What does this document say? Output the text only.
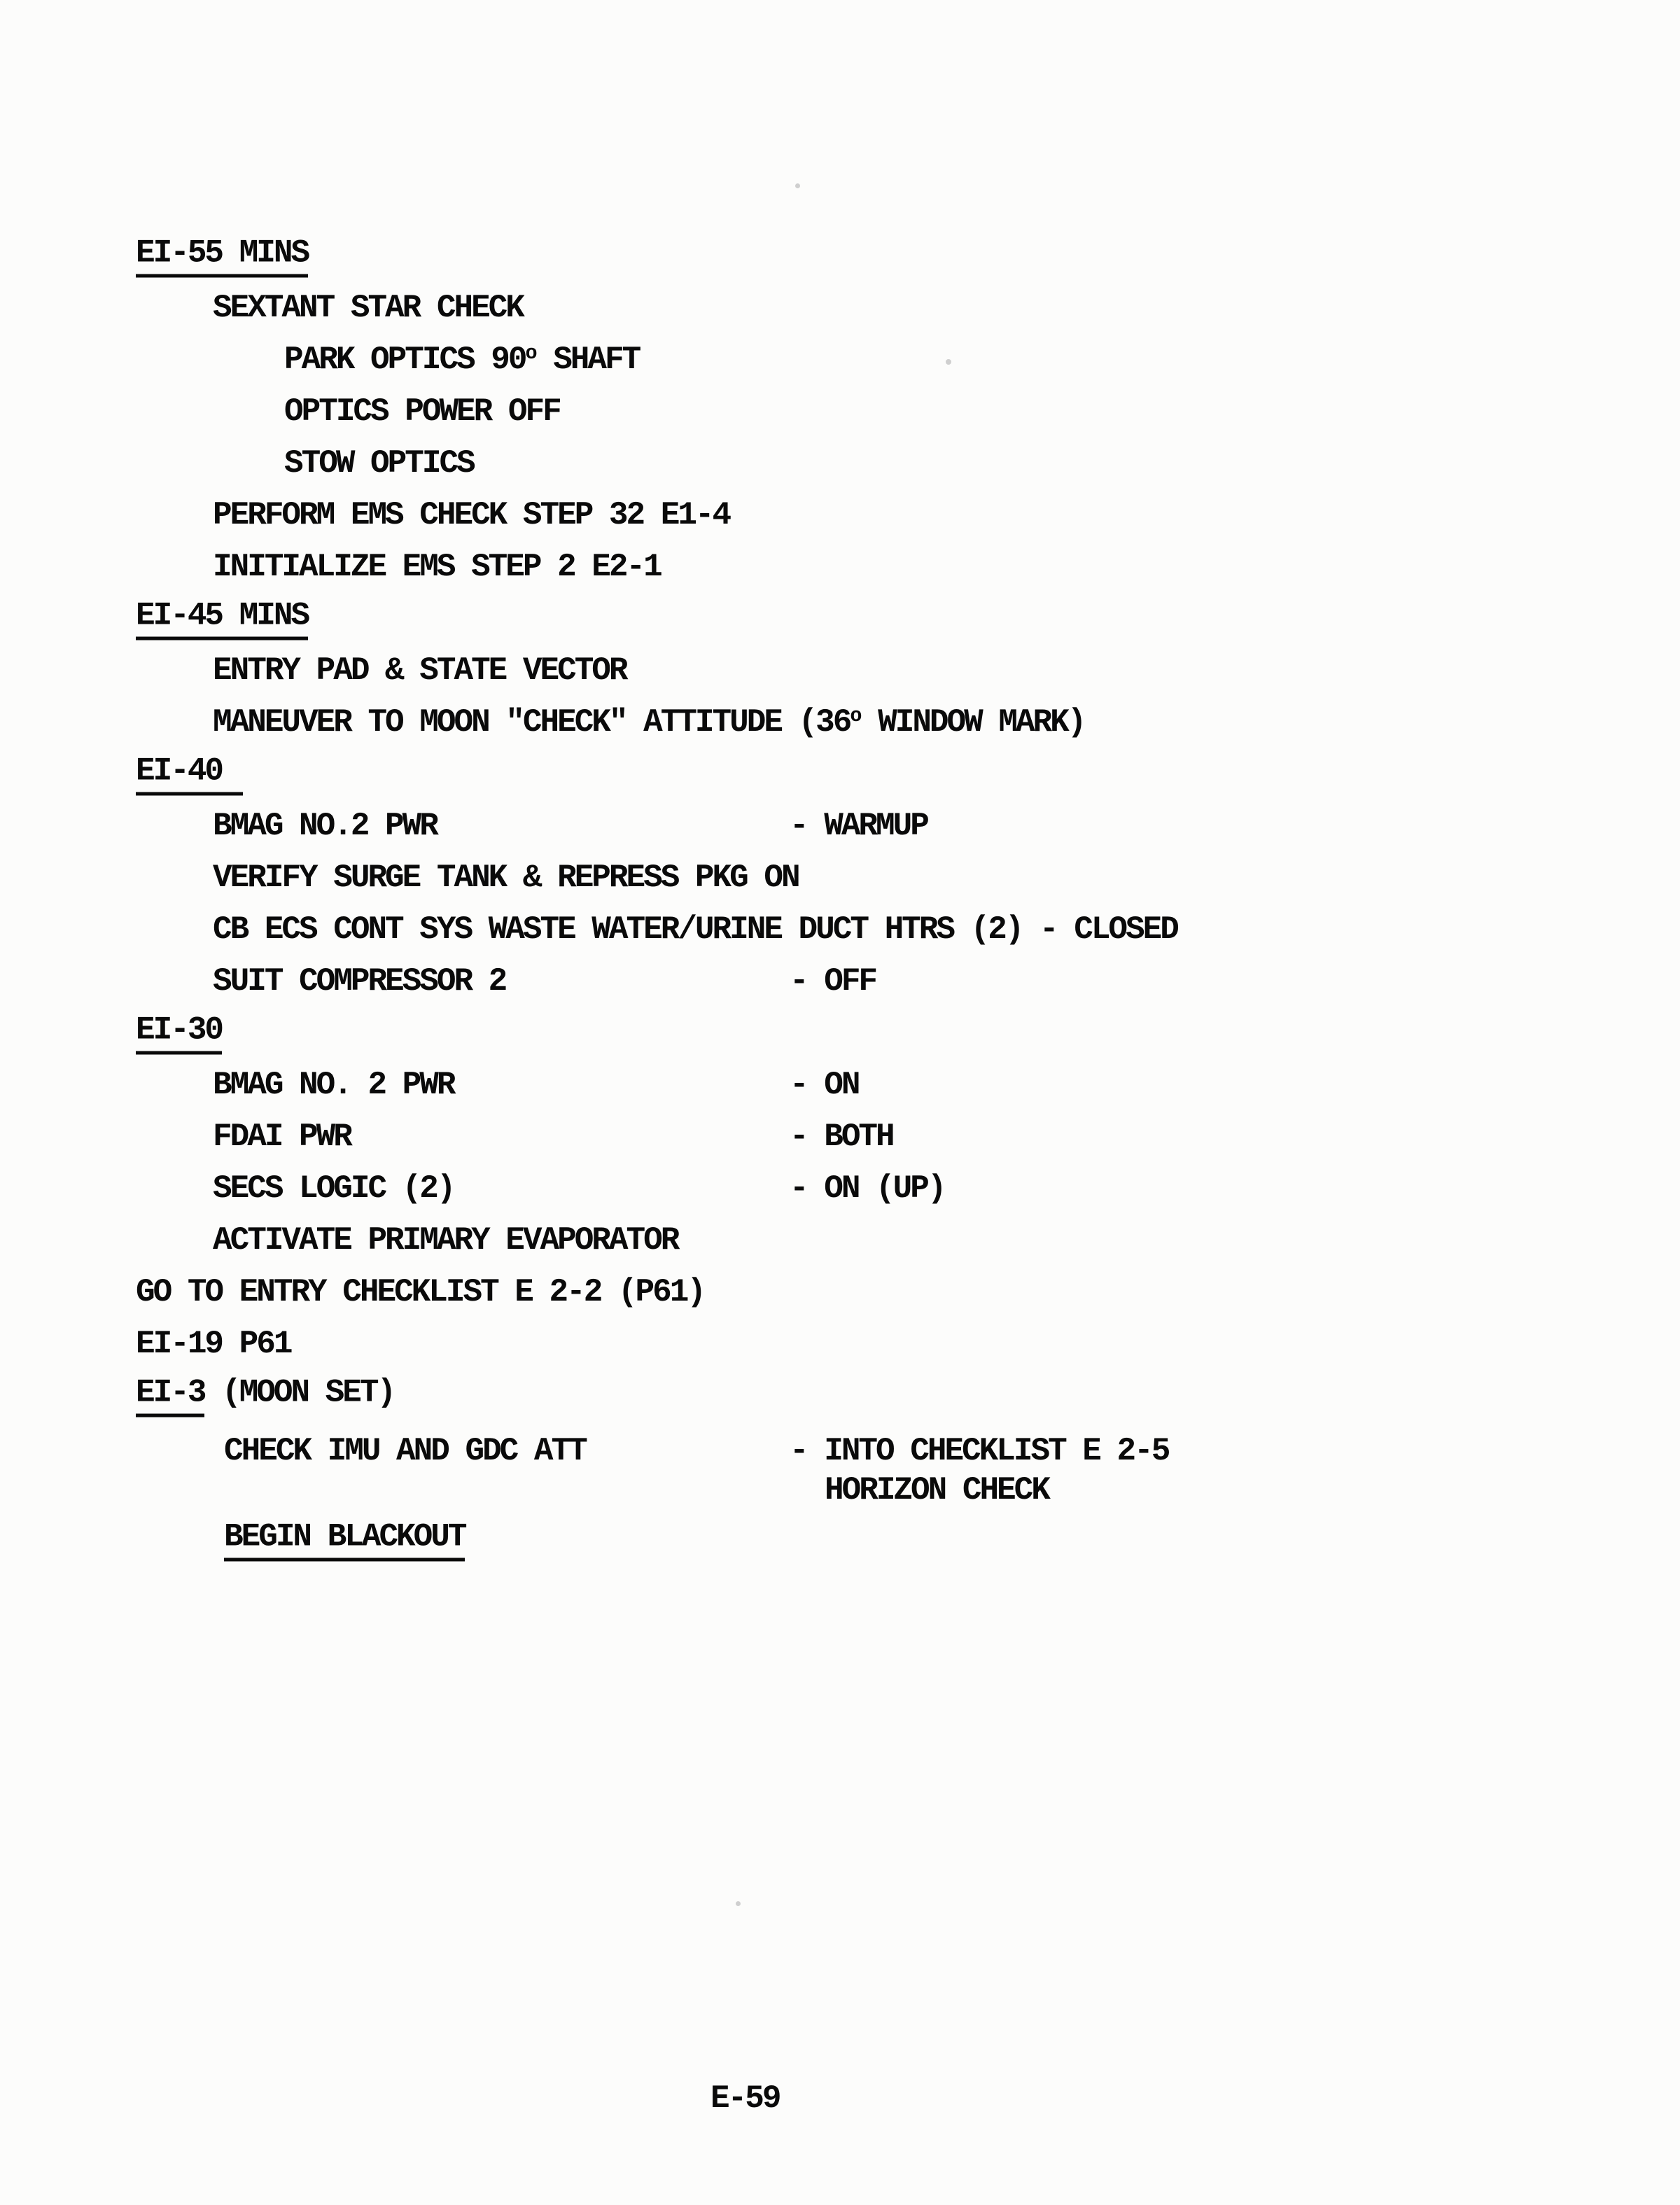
EI-55 MINS
SEXTANT STAR CHECK
PARK OPTICS 90$^o$ SHAFT
OPTICS POWER OFF
STOW OPTICS
PERFORM EMS CHECK STEP 32 E1-4
INITIALIZE EMS STEP 2 E2-1
EI-45 MINS
ENTRY PAD & STATE VECTOR
MANEUVER TO MOON "CHECK" ATTITUDE (36$^o$ WINDOW MARK)
EI-40
BMAG NO.2 PWR	- WARMUP
VERIFY SURGE TANK & REPRESS PKG ON
CB ECS CONT SYS WASTE WATER/URINE DUCT HTRS (2) - CLOSED
SUIT COMPRESSOR 2	- OFF
EI-30
BMAG NO. 2 PWR	- ON
FDAI PWR	- BOTH
SECS LOGIC (2)	- ON (UP)
ACTIVATE PRIMARY EVAPORATOR
GO TO ENTRY CHECKLIST E 2-2 (P61)
EI-19 P61
EI-3 (MOON SET)
CHECK IMU AND GDC ATT	- INTO CHECKLIST E 2-5
HORIZON CHECK
BEGIN BLACKOUT
E-59
